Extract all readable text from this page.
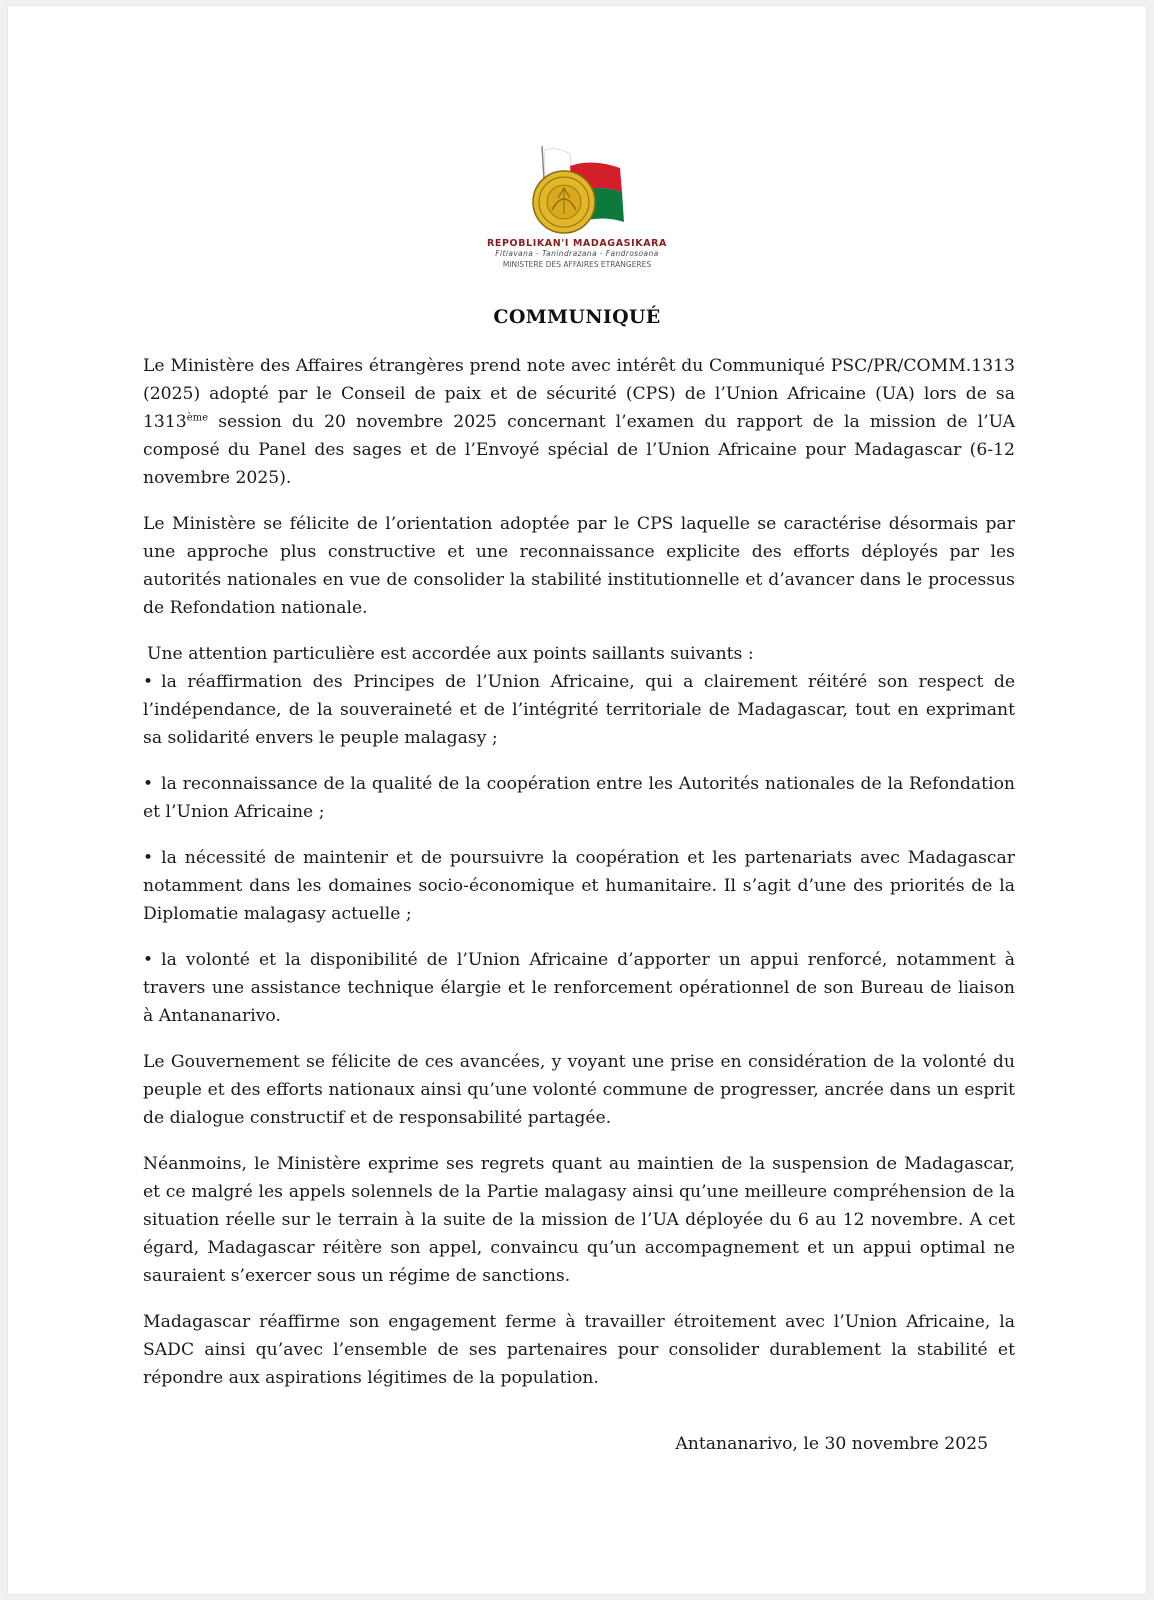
REPOBLIKAN'I MADAGASIKARA
Fitiavana - Tanindrazana - Fandrosoana
MINISTERE DES AFFAIRES ETRANGERES
COMMUNIQUÉ

Le Ministère des Affaires étrangères prend note avec intérêt du Communiqué PSC/PR/COMM.1313 (2025) adopté par le Conseil de paix et de sécurité (CPS) de l’Union Africaine (UA) lors de sa 1313ème session du 20 novembre 2025 concernant l’examen du rapport de la mission de l’UA composé du Panel des sages et de l’Envoyé spécial de l’Union Africaine pour Madagascar (6-12 novembre 2025).

Le Ministère se félicite de l’orientation adoptée par le CPS laquelle se caractérise désormais par une approche plus constructive et une reconnaissance explicite des efforts déployés par les autorités nationales en vue de consolider la stabilité institutionnelle et d’avancer dans le processus de Refondation nationale.

Une attention particulière est accordée aux points saillants suivants :

• la réaffirmation des Principes de l’Union Africaine, qui a clairement réitéré son respect de l’indépendance, de la souveraineté et de l’intégrité territoriale de Madagascar, tout en exprimant sa solidarité envers le peuple malagasy ;

• la reconnaissance de la qualité de la coopération entre les Autorités nationales de la Refondation et l’Union Africaine ;

• la nécessité de maintenir et de poursuivre la coopération et les partenariats avec Madagascar notamment dans les domaines socio-économique et humanitaire. Il s’agit d’une des priorités de la Diplomatie malagasy actuelle ;

• la volonté et la disponibilité de l’Union Africaine d’apporter un appui renforcé, notamment à travers une assistance technique élargie et le renforcement opérationnel de son Bureau de liaison à Antananarivo.

Le Gouvernement se félicite de ces avancées, y voyant une prise en considération de la volonté du peuple et des efforts nationaux ainsi qu’une volonté commune de progresser, ancrée dans un esprit de dialogue constructif et de responsabilité partagée.

Néanmoins, le Ministère exprime ses regrets quant au maintien de la suspension de Madagascar, et ce malgré les appels solennels de la Partie malagasy ainsi qu’une meilleure compréhension de la situation réelle sur le terrain à la suite de la mission de l’UA déployée du 6 au 12 novembre. A cet égard, Madagascar réitère son appel, convaincu qu’un accompagnement et un appui optimal ne sauraient s’exercer sous un régime de sanctions.

Madagascar réaffirme son engagement ferme à travailler étroitement avec l’Union Africaine, la SADC ainsi qu’avec l’ensemble de ses partenaires pour consolider durablement la stabilité et répondre aux aspirations légitimes de la population.

Antananarivo, le 30 novembre 2025
